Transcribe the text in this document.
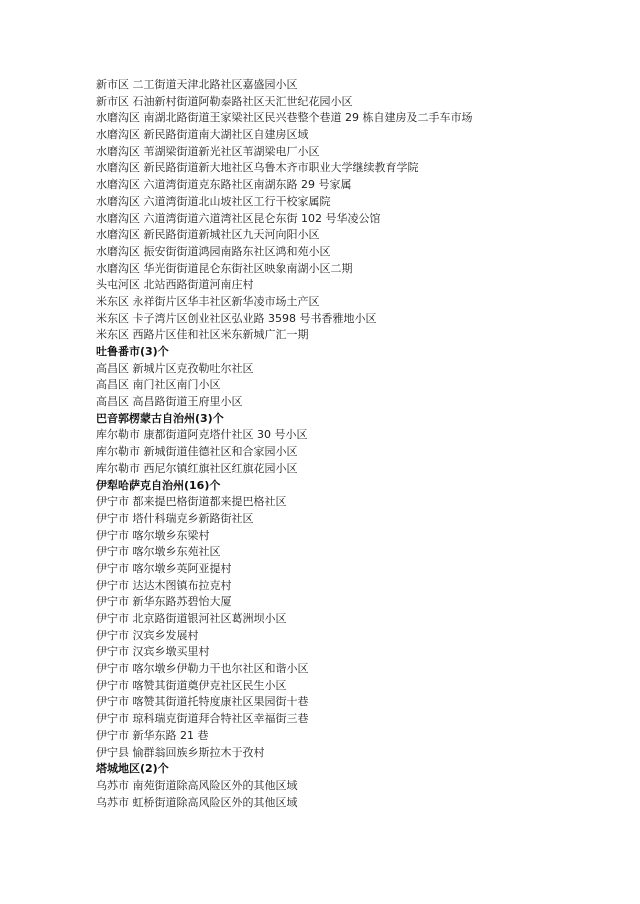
新市区 二工街道天津北路社区嘉盛园小区
新市区 石油新村街道阿勒泰路社区天汇世纪花园小区
水磨沟区 南湖北路街道王家梁社区民兴巷整个巷道 29 栋自建房及二手车市场
水磨沟区 新民路街道南大湖社区自建房区域
水磨沟区 苇湖梁街道新光社区苇湖梁电厂小区
水磨沟区 新民路街道新大地社区乌鲁木齐市职业大学继续教育学院
水磨沟区 六道湾街道克东路社区南湖东路 29 号家属
水磨沟区 六道湾街道北山坡社区工行干校家属院
水磨沟区 六道湾街道六道湾社区昆仑东街 102 号华凌公馆
水磨沟区 新民路街道新城社区九天河向阳小区
水磨沟区 振安街街道鸿园南路东社区鸿和苑小区
水磨沟区 华光街街道昆仑东街社区映象南湖小区二期
头屯河区 北站西路街道河南庄村
米东区 永祥街片区华丰社区新华凌市场土产区
米东区 卡子湾片区创业社区弘业路 3598 号书香雅地小区
米东区 西路片区佳和社区米东新城广汇一期
吐鲁番市(3)个
高昌区 新城片区克孜勒吐尔社区
高昌区 南门社区南门小区
高昌区 高昌路街道王府里小区
巴音郭楞蒙古自治州(3)个
库尔勒市 康都街道阿克塔什社区 30 号小区
库尔勒市 新城街道佳德社区和合家园小区
库尔勒市 西尼尔镇红旗社区红旗花园小区
伊犁哈萨克自治州(16)个
伊宁市 都来提巴格街道都来提巴格社区
伊宁市 塔什科瑞克乡新路街社区
伊宁市 喀尔墩乡东梁村
伊宁市 喀尔墩乡东苑社区
伊宁市 喀尔墩乡英阿亚提村
伊宁市 达达木图镇布拉克村
伊宁市 新华东路苏碧怡大厦
伊宁市 北京路街道银河社区葛洲坝小区
伊宁市 汉宾乡发展村
伊宁市 汉宾乡墩买里村
伊宁市 喀尔墩乡伊勒力干也尔社区和谐小区
伊宁市 喀赞其街道奠伊克社区民生小区
伊宁市 喀赞其街道托特度康社区果园街十巷
伊宁市 琼科瑞克街道拜合特社区幸福街三巷
伊宁市 新华东路 21 巷
伊宁县 愉群翁回族乡斯拉木于孜村
塔城地区(2)个
乌苏市 南苑街道除高风险区外的其他区域
乌苏市 虹桥街道除高风险区外的其他区域
